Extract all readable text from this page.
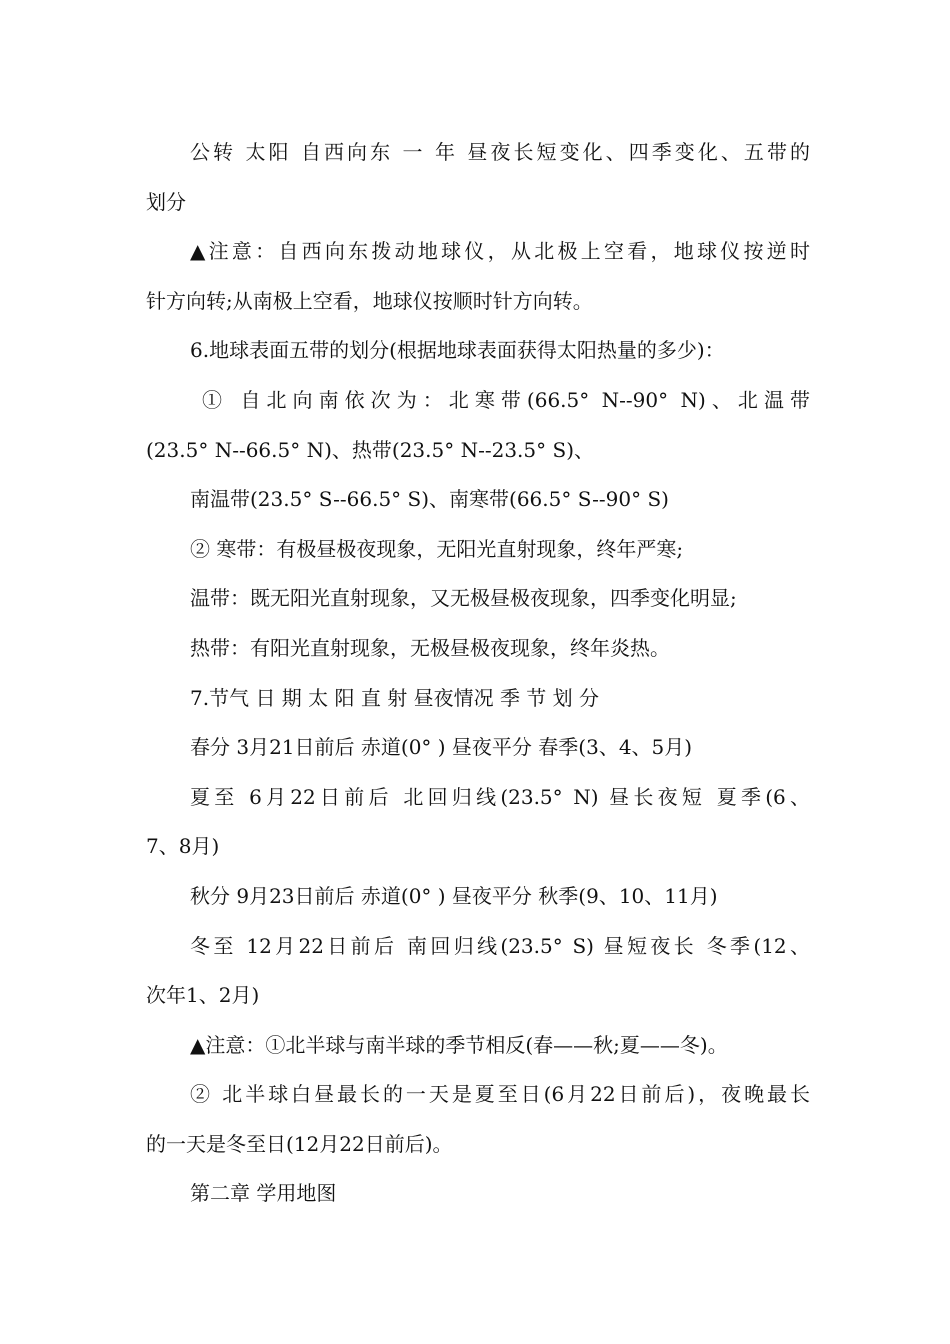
公转 太阳 自西向东 一 年 昼夜长短变化、四季变化、五带的
划分
▲注意：自西向东拨动地球仪，从北极上空看，地球仪按逆时
针方向转;从南极上空看，地球仪按顺时针方向转。
6.地球表面五带的划分(根据地球表面获得太阳热量的多少)：
① 自北向南依次为：北寒带(66.5° N--90° N)、北温带
(23.5° N--66.5° N)、热带(23.5° N--23.5° S)、
南温带(23.5° S--66.5° S)、南寒带(66.5° S--90° S)
② 寒带：有极昼极夜现象，无阳光直射现象，终年严寒;
温带：既无阳光直射现象，又无极昼极夜现象，四季变化明显;
热带：有阳光直射现象，无极昼极夜现象，终年炎热。
7.节气 日 期 太 阳 直 射 昼夜情况 季 节 划 分
春分 3月21日前后 赤道(0° ) 昼夜平分 春季(3、4、5月)
夏至 6月22日前后 北回归线(23.5° N) 昼长夜短 夏季(6、
7、8月)
秋分 9月23日前后 赤道(0° ) 昼夜平分 秋季(9、10、11月)
冬至 12月22日前后 南回归线(23.5° S) 昼短夜长 冬季(12、
次年1、2月)
▲注意：①北半球与南半球的季节相反(春——秋;夏——冬)。
② 北半球白昼最长的一天是夏至日(6月22日前后)，夜晚最长
的一天是冬至日(12月22日前后)。
第二章 学用地图
